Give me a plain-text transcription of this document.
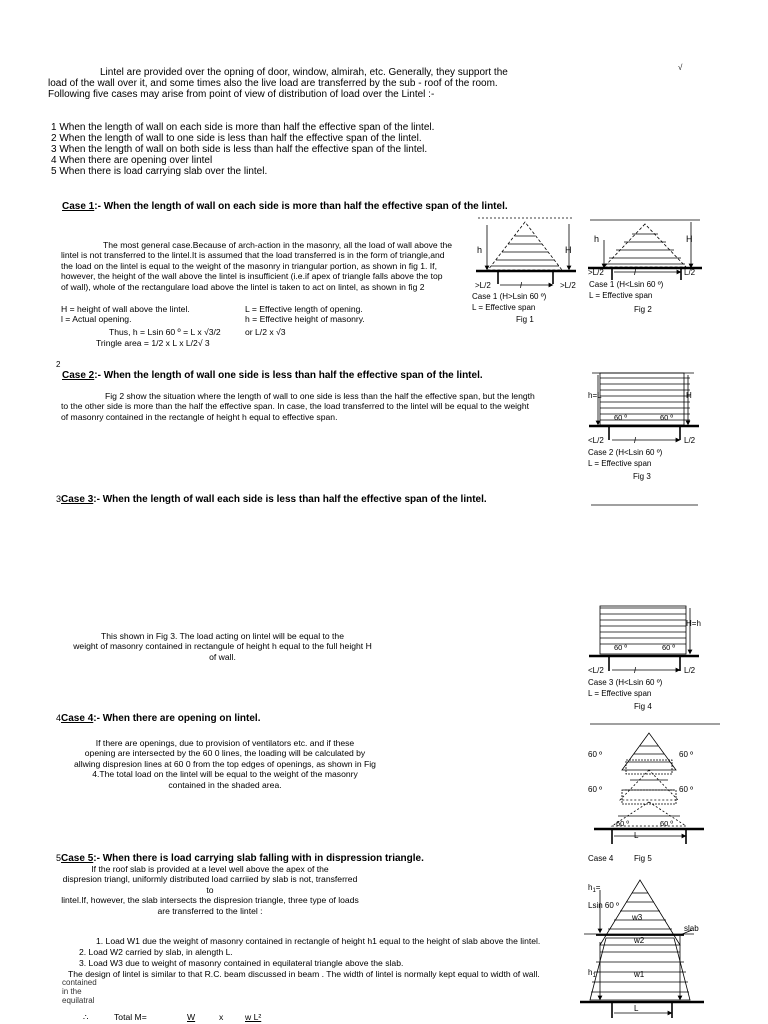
√
Lintel are provided over the opning of door, window, almirah, etc. Generally, they support the
load of the wall over it, and some times also the live load are transferred by the sub - roof of the room.
Following five cases may arise from point of view of distribution of load over the Lintel :-
1 When the length of wall on each side is more than half the effective span of the lintel.
2 When the length of wall to one side is less than half the effective span of the lintel.
3 When the length of wall on both side is less than half the effective span of the lintel.
4 When there are opening over lintel
5 When there is load carrying slab over the lintel.
Case 1:- When the length of wall on each side is more than half the effective span of the lintel.
The most general case.Because of arch-action in the masonry, all the load of wall above the
lintel is not transferred to the lintel.It is assumed that the load transferred is in the form of triangle,and
the load on the lintel is equal to the weight of the masonry in triangular portion, as shown in fig 1. If,
however, the height of the wall above the lintel is insufficient (i.e.if apex of triangle falls above the top
of wall), whole of the rectangulare load above the lintel is taken to act on lintel, as shown in fig 2
H = height of wall above the lintel.
l = Actual opening.
L = Effective length of opening.
h = Effective height of masonry.
Thus, h = Lsin 60 º = L x √3/2	or L/2 x √3
Tringle area = 1/2 x L x L/2√ 3
2
Case 2:- When the length of wall one side is less than half the effective span of the lintel.
Fig 2 show the situation where the length of wall to one side is less than the half the effective span, but the length
to the other side is more than the half the effective span. In case, the load transferred to the lintel will be equal to the weight
of masonry contained in the rectangle of height h equal to effective span.
3Case 3:- When the length of wall each side is less than half the effective span of the lintel.
This shown in Fig 3. The load acting on lintel will be equal to the
weight of masonry contained in rectangule of height h equal to the full height H
of wall.
4Case 4:- When there are opening on lintel.
If there are openings, due to provision of ventilators etc. and if these
opening are intersected by the 60 0 lines, the loading will be calculated by
allwing dispresion lines at 60 0 from the top edges of openings, as shown in Fig
4.The total load on the lintel will be equal to the weight of the masonry
contained in the shaded area.
5Case 5:- When there is load carrying slab falling with in dispression triangle.
If the roof slab is provided at a level well above the apex of the
dispresion triangl, uniformly distributed load carriied by slab is not, transferred to
lintel.If, however, the slab intersects the dispresion triangle, three type of loads
are transferred to the lintel :
1. Load W1 due the weight of masonry contained in rectangle of height h1 equal to the height of slab above the lintel.
2. Load W2 carried by slab, in alength L.
3. Load W3 due to weight of masonry contained in equilateral triangle above the slab.
The design of lintel is similar to that R.C. beam discussed in beam . The width of lintel is normally kept equal to width of wall.
contained
in the
equilatral
∴	Total M=	W	x	w L²
h	H
>L/2	l	>L/2
Case 1 (H>Lsin 60 º)
L = Effective span
Fig 1
h	H
>L/2	l	L/2
Case 1 (H<Lsin 60 º)
L = Effective span
Fig 2
h=L	H
60 º	60 º
<L/2	l	L/2
Case 2 (H<Lsin 60 º)
L = Effective span
Fig 3
H=h
60 º	60 º
<L/2	l	L/2
Case 3 (H<Lsin 60 º)
L = Effective span
Fig 4
60 º	60 º
60 º	60 º
60 º	60 º
L
Case 4	Fig 5
$h_1=$
Lsin 60 º
w3
w2
slab
w1
$h_1$
L
